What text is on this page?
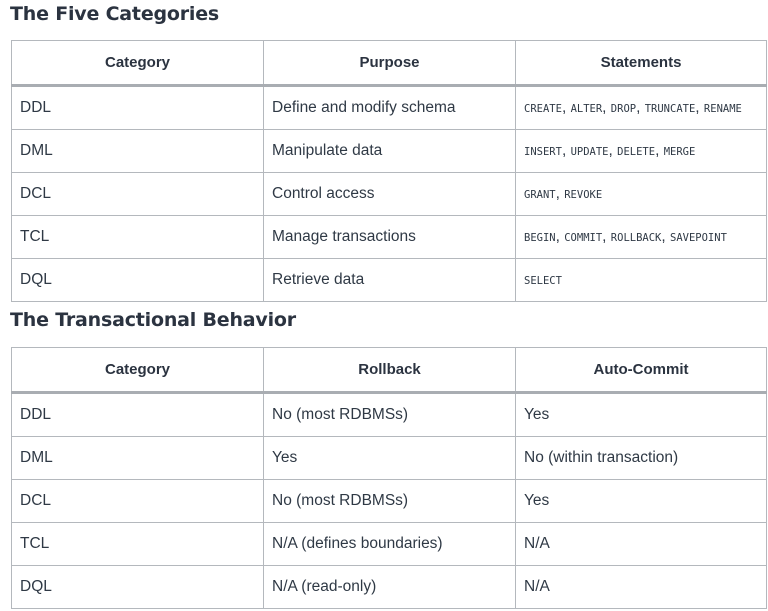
The Five Categories
Category	Purpose	Statements
DDL	Define and modify schema	CREATE, ALTER, DROP, TRUNCATE, RENAME
DML	Manipulate data	INSERT, UPDATE, DELETE, MERGE
DCL	Control access	GRANT, REVOKE
TCL	Manage transactions	BEGIN, COMMIT, ROLLBACK, SAVEPOINT
DQL	Retrieve data	SELECT
The Transactional Behavior
Category	Rollback	Auto-Commit
DDL	No (most RDBMSs)	Yes
DML	Yes	No (within transaction)
DCL	No (most RDBMSs)	Yes
TCL	N/A (defines boundaries)	N/A
DQL	N/A (read-only)	N/A
